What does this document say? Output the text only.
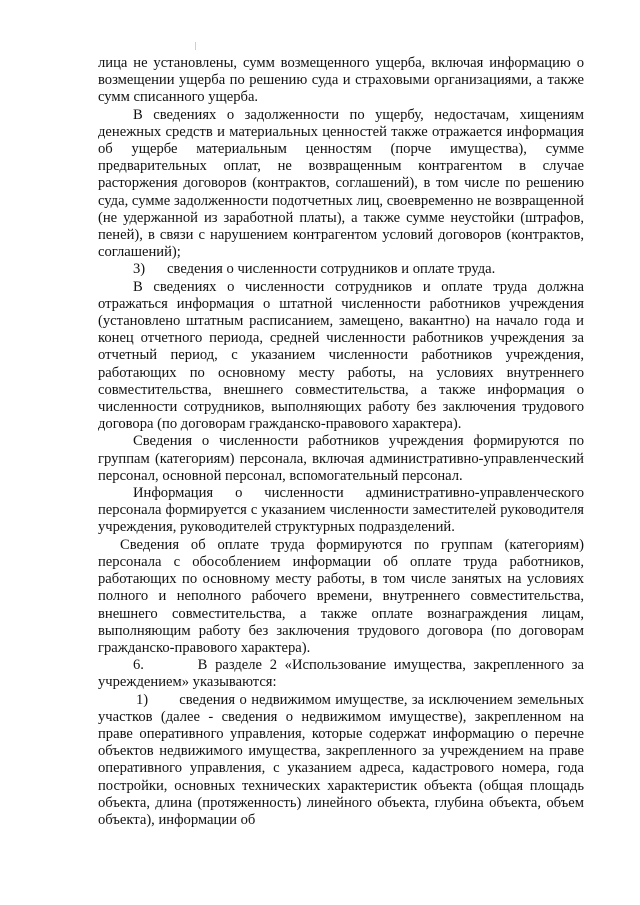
лица не установлены, сумм возмещенного ущерба, включая информацию о возмещении ущерба по решению суда и страховыми организациями, а также сумм списанного ущерба.

В сведениях о задолженности по ущербу, недостачам, хищениям денежных средств и материальных ценностей также отражается информация об ущербе материальным ценностям (порче имущества), сумме предварительных оплат, не возвращенным контрагентом в случае расторжения договоров (контрактов, соглашений), в том числе по решению суда, сумме задолженности подотчетных лиц, своевременно не возвращенной (не удержанной из заработной платы), а также сумме неустойки (штрафов, пеней), в связи с нарушением контрагентом условий договоров (контрактов, соглашений);

3)      сведения о численности сотрудников и оплате труда.

В сведениях о численности сотрудников и оплате труда должна отражаться информация о штатной численности работников учреждения (установлено штатным расписанием, замещено, вакантно) на начало года и конец отчетного периода, средней численности работников учреждения за отчетный период, с указанием численности работников учреждения, работающих по основному месту работы, на условиях внутреннего совместительства, внешнего совместительства, а также информация о численности сотрудников, выполняющих работу без заключения трудового договора (по договорам гражданско-правового характера).

Сведения о численности работников учреждения формируются по группам (категориям) персонала, включая административно-управленческий персонал, основной персонал, вспомогательный персонал.

Информация о численности административно-управленческого персонала формируется с указанием численности заместителей руководителя учреждения, руководителей структурных подразделений.

Сведения об оплате труда формируются по группам (категориям) персонала с обособлением информации об оплате труда работников, работающих по основному месту работы, в том числе занятых на условиях полного и неполного рабочего времени, внутреннего совместительства, внешнего совместительства, а также оплате вознаграждения лицам, выполняющим работу без заключения трудового договора (по договорам гражданско-правового характера).

6.       В разделе 2 «Использование имущества, закрепленного за учреждением» указываются:

1)       сведения о недвижимом имуществе, за исключением земельных участков (далее - сведения о недвижимом имуществе), закрепленном на праве оперативного управления, которые содержат информацию о перечне объектов недвижимого имущества, закрепленного за учреждением на праве оперативного управления, с указанием адреса, кадастрового номера, года постройки, основных технических характеристик объекта (общая площадь объекта, длина (протяженность) линейного объекта, глубина объекта, объем объекта), информации об
